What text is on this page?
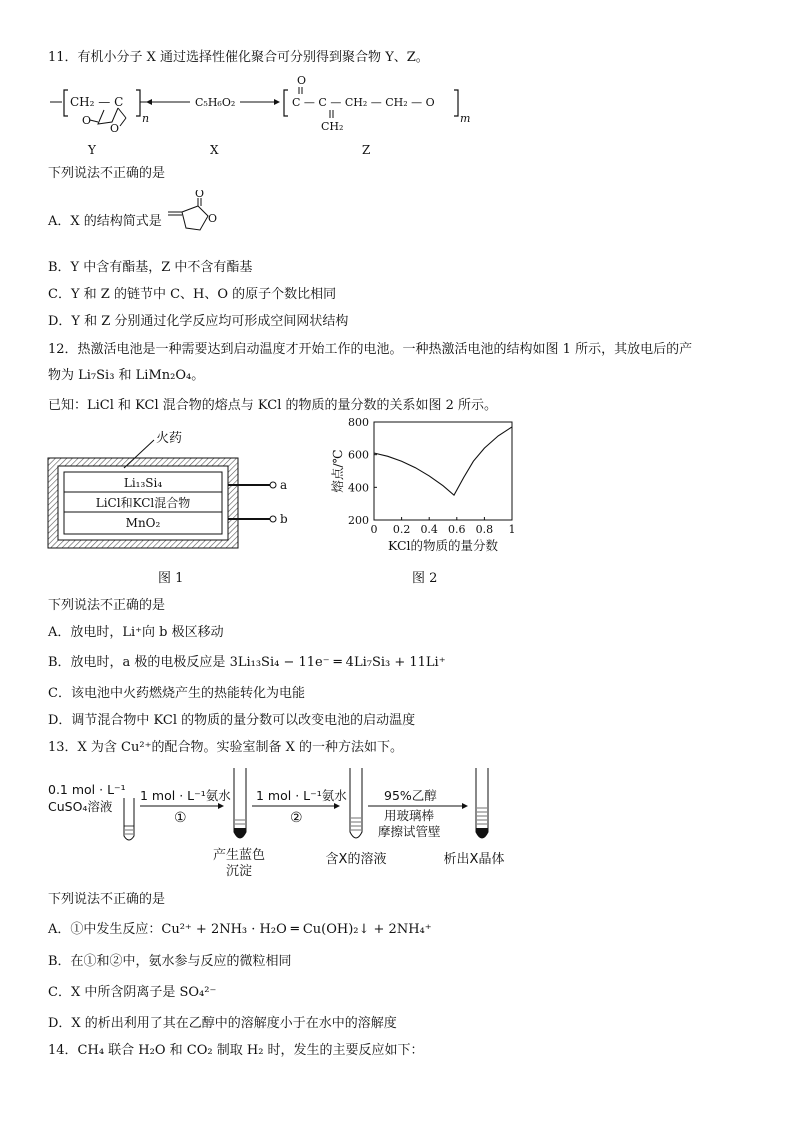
11．有机小分子 X 通过选择性催化聚合可分别得到聚合物 Y、Z。
CH₂ — C
n
O
O
Y
C₅H₆O₂
X
C — C — CH₂ — CH₂ — O
O
CH₂
m
Z
下列说法不正确的是
A．X 的结构简式是
O
O
B．Y 中含有酯基，Z 中不含有酯基
C．Y 和 Z 的链节中 C、H、O 的原子个数比相同
D．Y 和 Z 分别通过化学反应均可形成空间网状结构
12．热激活电池是一种需要达到启动温度才开始工作的电池。一种热激活电池的结构如图 1 所示，其放电后的产
物为 Li₇Si₃ 和 LiMn₂O₄。
已知：LiCl 和 KCl 混合物的熔点与 KCl 的物质的量分数的关系如图 2 所示。
Li₁₃Si₄
LiCl和KCl混合物
MnO₂
火药
a
b
图 1
0 0.2 0.4 0.6 0.8 1
200
400
600
800
KCl的物质的量分数
熔点/℃
图 2
下列说法不正确的是
A．放电时，Li⁺向 b 极区移动
B．放电时，a 极的电极反应是 3Li₁₃Si₄ − 11e⁻ ═ 4Li₇Si₃ + 11Li⁺
C．该电池中火药燃烧产生的热能转化为电能
D．调节混合物中 KCl 的物质的量分数可以改变电池的启动温度
13．X 为含 Cu²⁺的配合物。实验室制备 X 的一种方法如下。
0.1 mol · L⁻¹
CuSO₄溶液
1 mol · L⁻¹氨水
①
1 mol · L⁻¹氨水
②
95%乙醇
用玻璃棒
摩擦试管壁
产生蓝色
沉淀
含X的溶液	析出X晶体
下列说法不正确的是
A．①中发生反应：Cu²⁺ + 2NH₃ · H₂O ═ Cu(OH)₂↓ + 2NH₄⁺
B．在①和②中，氨水参与反应的微粒相同
C．X 中所含阴离子是 SO₄²⁻
D．X 的析出利用了其在乙醇中的溶解度小于在水中的溶解度
14．CH₄ 联合 H₂O 和 CO₂ 制取 H₂ 时，发生的主要反应如下：
